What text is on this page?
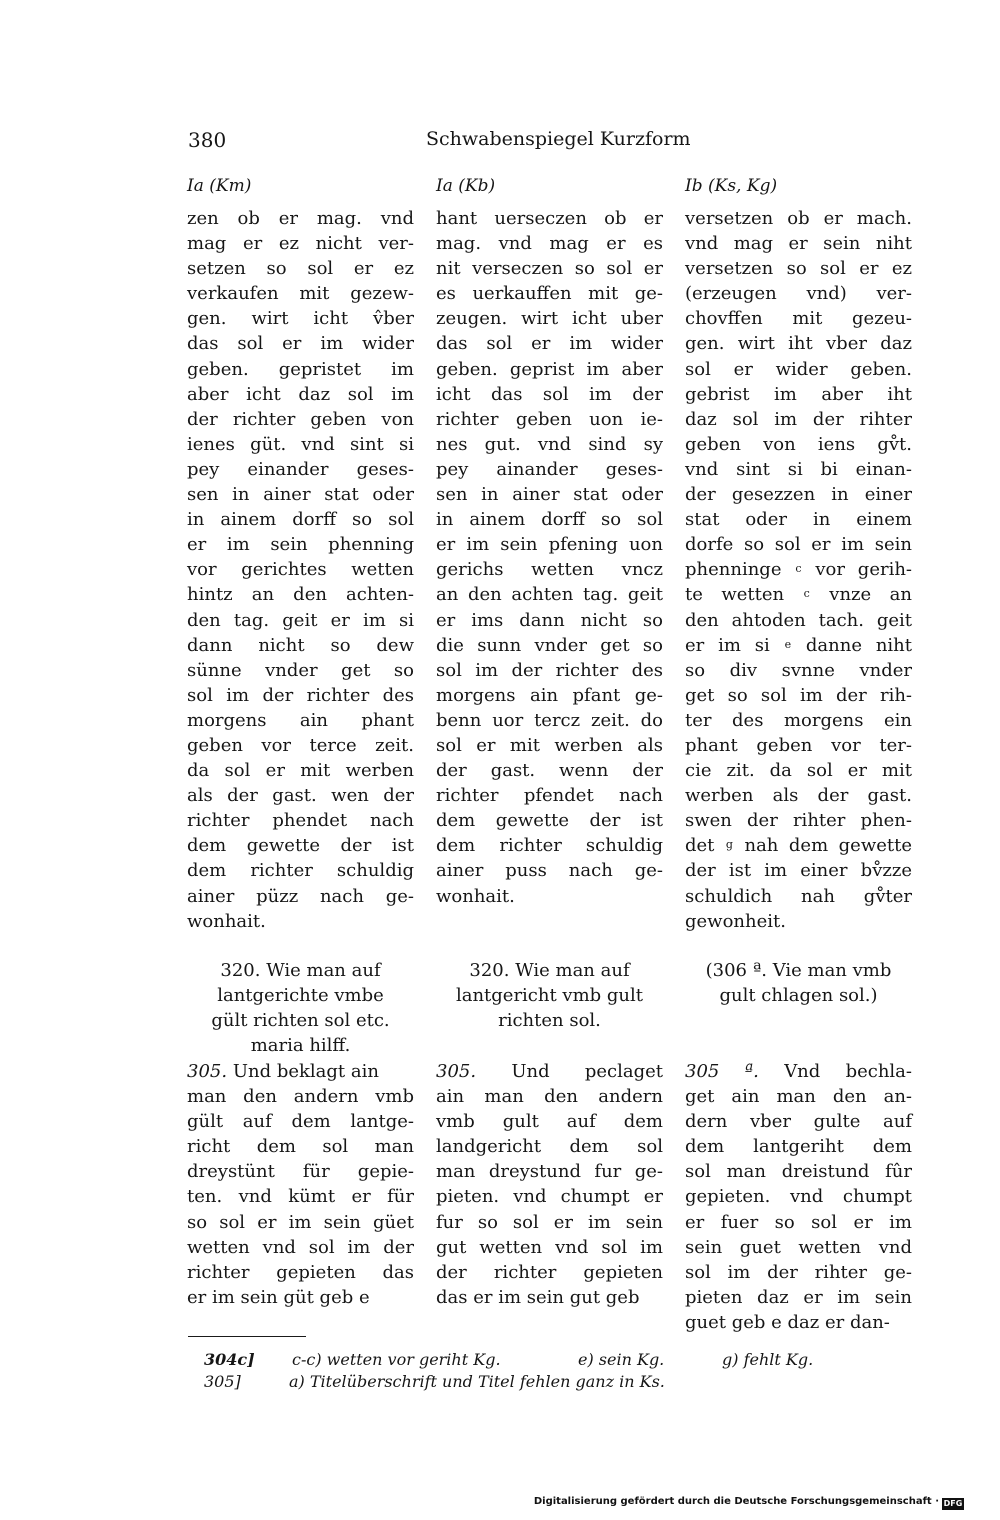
380	Schwabenspiegel Kurzform
Ia (Km)
zen ob er mag. vnd
mag er ez nicht ver-
setzen so sol er ez
verkaufen mit gezew-
gen. wirt icht v̂ber
das sol er im wider
geben. gepristet im
aber icht daz sol im
der richter geben von
ienes güt. vnd sint si
pey einander geses-
sen in ainer stat oder
in ainem dorff so sol
er im sein phenning
vor gerichtes wetten
hintz an den achten-
den tag. geit er im si
dann nicht so dew
sünne vnder get so
sol im der richter des
morgens ain phant
geben vor terce zeit.
da sol er mit werben
als der gast. wen der
richter phendet nach
dem gewette der ist
dem richter schuldig
ainer püzz nach ge-
wonhait.
Ia (Kb)
hant uerseczen ob er
mag. vnd mag er es
nit verseczen so sol er
es uerkauffen mit ge-
zeugen. wirt icht uber
das sol er im wider
geben. geprist im aber
icht das sol im der
richter geben uon ie-
nes gut. vnd sind sy
pey ainander geses-
sen in ainer stat oder
in ainem dorff so sol
er im sein pfening uon
gerichs wetten vncz
an den achten tag. geit
er ims dann nicht so
die sunn vnder get so
sol im der richter des
morgens ain pfant ge-
benn uor tercz zeit. do
sol er mit werben als
der gast. wenn der
richter pfendet nach
dem gewette der ist
dem richter schuldig
ainer puss nach ge-
wonhait.
Ib (Ks, Kg)
versetzen ob er mach.
vnd mag er sein niht
versetzen so sol er ez
(erzeugen vnd) ver-
chovffen mit gezeu-
gen. wirt iht vber daz
sol er wider geben.
gebrist im aber iht
daz sol im der rihter
geben von iens gv̊t.
vnd sint si bi einan-
der gesezzen in einer
stat oder in einem
dorfe so sol er im sein
phenninge $^c$ vor gerih-
te wetten $^c$ vnze an
den ahtoden tach. geit
er im si $^e$ danne niht
so div svnne vnder
get so sol im der rih-
ter des morgens ein
phant geben vor ter-
cie zit. da sol er mit
werben als der gast.
swen der rihter phen-
det $^g$ nah dem gewette
der ist im einer bv̊zze
schuldich nah gv̊ter
gewonheit.
320. Wie man auf
lantgerichte vmbe
gült richten sol etc.
maria hilff.
320. Wie man auf
lantgericht vmb gult
richten sol.
(306 ª. Vie man vmb
gult chlagen sol.)
305. Und beklagt ain
man den andern vmb
gült auf dem lantge-
richt dem sol man
dreystünt für gepie-
ten. vnd kümt er für
so sol er im sein güet
wetten vnd sol im der
richter gepieten das
er im sein güt geb e
305. Und peclaget
ain man den andern
vmb gult auf dem
landgericht dem sol
man dreystund fur ge-
pieten. vnd chumpt er
fur so sol er im sein
gut wetten vnd sol im
der richter gepieten
das er im sein gut geb
305 ª. Vnd bechla-
get ain man den an-
dern vber gulte auf
dem lantgeriht dem
sol man dreistund fûr
gepieten. vnd chumpt
er fuer so sol er im
sein guet wetten vnd
sol im der rihter ge-
pieten daz er im sein
guet geb e daz er dan-
304c] c-c) wetten vor geriht Kg.	e) sein Kg.	g) fehlt Kg.
305]	a) Titelüberschrift und Titel fehlen ganz in Ks.
Digitalisierung gefördert durch die Deutsche Forschungsgemeinschaft · DFG
